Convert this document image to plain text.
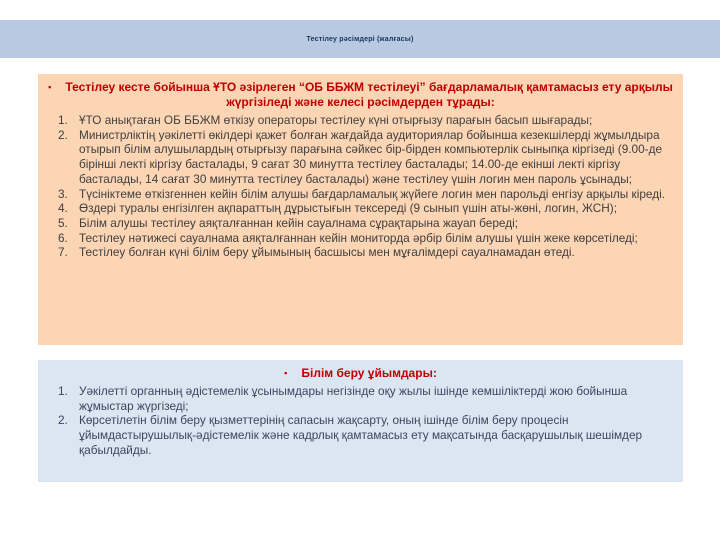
Тестілеу рәсімдері (жалғасы)
▪ Тестілеу кесте бойынша ҰТО әзірлеген “ОБ ББЖМ тестілеуі” бағдарламалық қамтамасыз ету арқылы жүргізіледі және келесі рәсімдерден тұрады:
1. ҰТО анықтаған ОБ ББЖМ өткізу операторы тестілеу күні отырғызу парағын басып шығарады;
2. Министрліктің уәкілетті өкілдері қажет болған жағдайда аудиториялар бойынша кезекшілерді жұмылдыра отырып білім алушылардың отырғызу парағына сәйкес бір-бірден компьютерлік сыныпқа кіргізеді (9.00-де бірінші лекті кіргізу басталады, 9 сағат 30 минутта тестілеу басталады; 14.00-де екінші лекті кіргізу басталады, 14 сағат 30 минутта тестілеу басталады) және тестілеу үшін логин мен пароль ұсынады;
3. Түсініктеме өткізгеннен кейін білім алушы бағдарламалық жүйеге логин мен парольді енгізу арқылы кіреді.
4. Өздері туралы енгізілген ақпараттың дұрыстығын тексереді (9 сынып үшін аты-жөні, логин, ЖСН);
5. Білім алушы тестілеу аяқталғаннан кейін сауалнама сұрақтарына жауап береді;
6. Тестілеу нәтижесі сауалнама аяқталғаннан кейін мониторда әрбір білім алушы үшін жеке көрсетіледі;
7. Тестілеу болған күні білім беру ұйымының басшысы мен мұғалімдері сауалнамадан өтеді.
▪ Білім беру ұйымдары:
1. Уәкілетті органның әдістемелік ұсынымдары негізінде оқу жылы ішінде кемшіліктерді жою бойынша жұмыстар жүргізеді;
2. Көрсетілетін білім беру қызметтерінің сапасын жақсарту, оның ішінде білім беру процесін ұйымдастырушылық-әдістемелік және кадрлық қамтамасыз ету мақсатында басқарушылық шешімдер қабылдайды.
